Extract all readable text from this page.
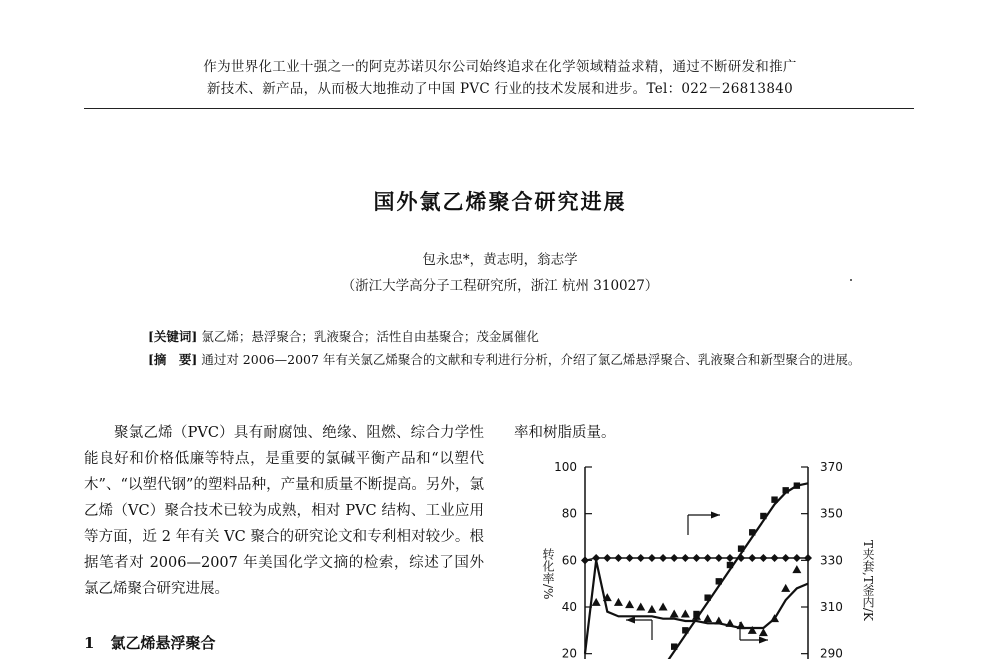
作为世界化工业十强之一的阿克苏诺贝尔公司始终追求在化学领域精益求精，通过不断研发和推广
新技术、新产品，从而极大地推动了中国 PVC 行业的技术发展和进步。Tel：022－26813840
国外氯乙烯聚合研究进展
包永忠*，黄志明，翁志学
（浙江大学高分子工程研究所，浙江 杭州 310027）
[关键词] 氯乙烯；悬浮聚合；乳液聚合；活性自由基聚合；茂金属催化
[摘　要] 通过对 2006—2007 年有关氯乙烯聚合的文献和专利进行分析，介绍了氯乙烯悬浮聚合、乳液聚合和新型聚合的进展。
聚氯乙烯（PVC）具有耐腐蚀、绝缘、阻燃、综合力学性能良好和价格低廉等特点，是重要的氯碱平衡产品和“以塑代木”、“以塑代钢”的塑料品种，产量和质量不断提高。另外，氯乙烯（VC）聚合技术已较为成熟，相对 PVC 结构、工业应用等方面，近 2 年有关 VC 聚合的研究论文和专利相对较少。根据笔者对 2006—2007 年美国化学文摘的检索，综述了国外氯乙烯聚合研究进展。
1 氯乙烯悬浮聚合
率和树脂质量。
转化率/%	T夹套,T釜内/K
20
40
60
80
100
290
310
330
350
370
